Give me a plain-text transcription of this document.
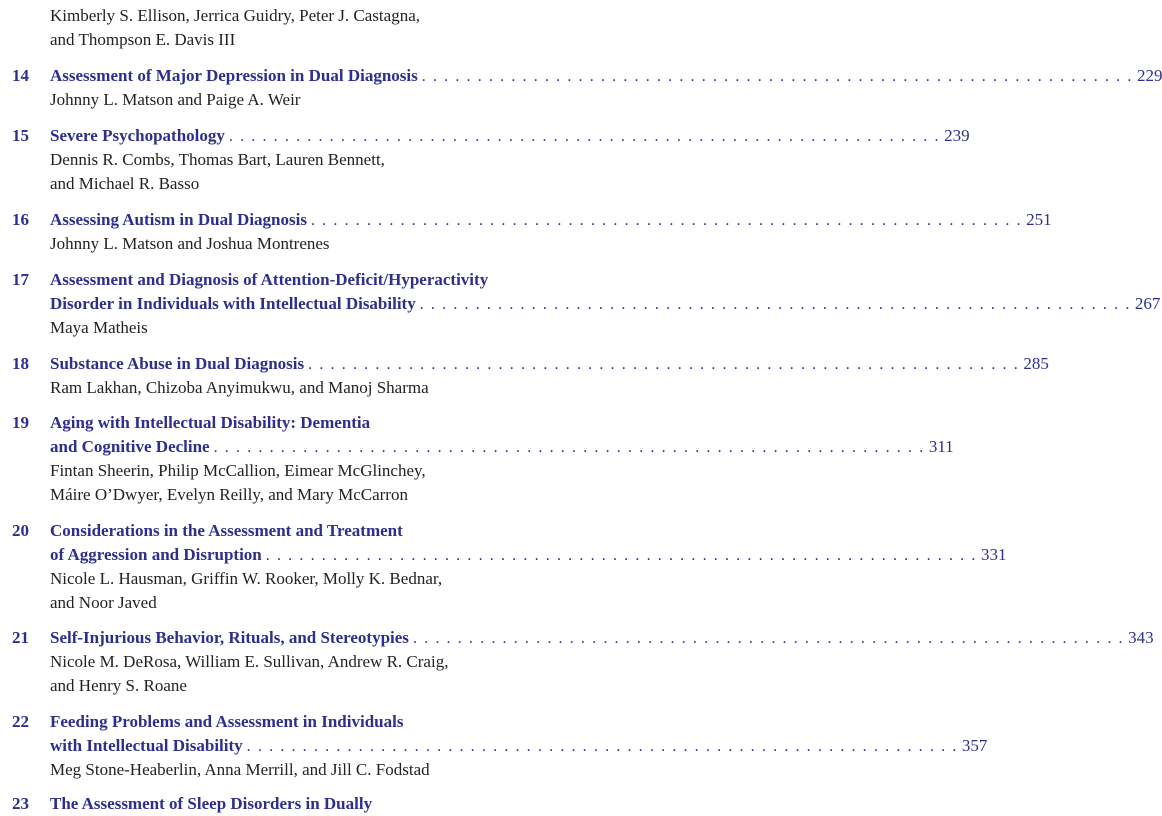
Kimberly S. Ellison, Jerrica Guidry, Peter J. Castagna,
and Thompson E. Davis III
14 Assessment of Major Depression in Dual Diagnosis . . . . . . . . . . . . . . . . . . . . . . . . . . . . . . . . . . . . . . . . . . . . . . . . . . . . . . . . . . . . . . . . 229
Johnny L. Matson and Paige A. Weir
15 Severe Psychopathology . . . . . . . . . . . . . . . . . . . . . . . . . . . . . . . . . . . . . . . . . . . . . . . . . . . . . . . . . . . . . . . . 239
Dennis R. Combs, Thomas Bart, Lauren Bennett,
and Michael R. Basso
16 Assessing Autism in Dual Diagnosis . . . . . . . . . . . . . . . . . . . . . . . . . . . . . . . . . . . . . . . . . . . . . . . . . . . . . . . . . . . . . . . . 251
Johnny L. Matson and Joshua Montrenes
17 Assessment and Diagnosis of Attention-Deficit/Hyperactivity
Disorder in Individuals with Intellectual Disability . . . . . . . . . . . . . . . . . . . . . . . . . . . . . . . . . . . . . . . . . . . . . . . . . . . . . . . . . . . . . . . . 267
Maya Matheis
18 Substance Abuse in Dual Diagnosis . . . . . . . . . . . . . . . . . . . . . . . . . . . . . . . . . . . . . . . . . . . . . . . . . . . . . . . . . . . . . . . . 285
Ram Lakhan, Chizoba Anyimukwu, and Manoj Sharma
19 Aging with Intellectual Disability: Dementia
and Cognitive Decline . . . . . . . . . . . . . . . . . . . . . . . . . . . . . . . . . . . . . . . . . . . . . . . . . . . . . . . . . . . . . . . . 311
Fintan Sheerin, Philip McCallion, Eimear McGlinchey,
Máire O’Dwyer, Evelyn Reilly, and Mary McCarron
20 Considerations in the Assessment and Treatment
of Aggression and Disruption . . . . . . . . . . . . . . . . . . . . . . . . . . . . . . . . . . . . . . . . . . . . . . . . . . . . . . . . . . . . . . . . 331
Nicole L. Hausman, Griffin W. Rooker, Molly K. Bednar,
and Noor Javed
21 Self-Injurious Behavior, Rituals, and Stereotypies . . . . . . . . . . . . . . . . . . . . . . . . . . . . . . . . . . . . . . . . . . . . . . . . . . . . . . . . . . . . . . . . 343
Nicole M. DeRosa, William E. Sullivan, Andrew R. Craig,
and Henry S. Roane
22 Feeding Problems and Assessment in Individuals
with Intellectual Disability . . . . . . . . . . . . . . . . . . . . . . . . . . . . . . . . . . . . . . . . . . . . . . . . . . . . . . . . . . . . . . . . 357
Meg Stone-Heaberlin, Anna Merrill, and Jill C. Fodstad
23 The Assessment of Sleep Disorders in Dually
